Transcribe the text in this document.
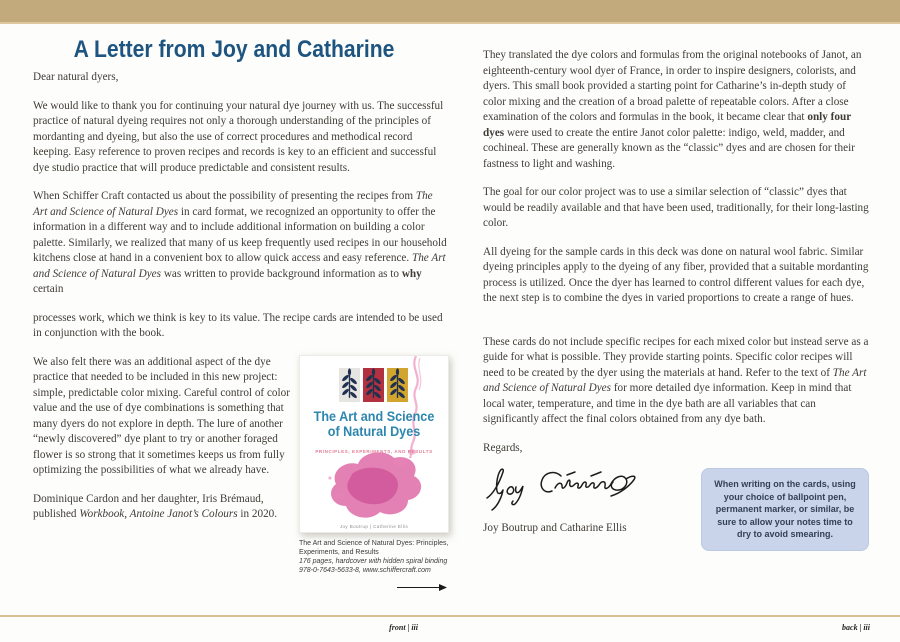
A Letter from Joy and Catharine

Dear natural dyers,

We would like to thank you for continuing your natural dye journey with us. The successful practice of natural dyeing requires not only a thorough understanding of the principles of mordanting and dyeing, but also the use of correct procedures and methodical record keeping. Easy reference to proven recipes and records is key to an efficient and successful dye studio practice that will produce predictable and consistent results.

When Schiffer Craft contacted us about the possibility of presenting the recipes from The Art and Science of Natural Dyes in card format, we recognized an opportunity to offer the information in a different way and to include additional information on building a color palette. Similarly, we realized that many of us keep frequently used recipes in our household kitchens close at hand in a convenient box to allow quick access and easy reference. The Art and Science of Natural Dyes was written to provide background information as to why certain

processes work, which we think is key to its value. The recipe cards are intended to be used in conjunction with the book.

The Art and Science
of Natural Dyes
PRINCIPLES, EXPERIMENTS, AND RESULTS
Joy Boutrup | Catherine Ellis
The Art and Science of Natural Dyes: Principles, Experiments, and Results
176 pages, hardcover with hidden spiral binding
978-0-7643-5633-8, www.schiffercraft.com

We also felt there was an additional aspect of the dye practice that needed to be included in this new project: simple, predictable color mixing. Careful control of color value and the use of dye combinations is something that many dyers do not explore in depth. The lure of another “newly discovered” dye plant to try or another foraged flower is so strong that it sometimes keeps us from fully optimizing the possibilities of what we already have.

Dominique Cardon and her daughter, Iris Brémaud, published Workbook, Antoine Janot’s Colours in 2020.

They translated the dye colors and formulas from the original notebooks of Janot, an eighteenth-century wool dyer of France, in order to inspire designers, colorists, and dyers. This small book provided a starting point for Catharine’s in-depth study of color mixing and the creation of a broad palette of repeatable colors. After a close examination of the colors and formulas in the book, it became clear that only four dyes were used to create the entire Janot color palette: indigo, weld, madder, and cochineal. These are generally known as the “classic” dyes and are chosen for their fastness to light and washing.

The goal for our color project was to use a similar selection of “classic” dyes that would be readily available and that have been used, traditionally, for their long-lasting color.

All dyeing for the sample cards in this deck was done on natural wool fabric. Similar dyeing principles apply to the dyeing of any fiber, provided that a suitable mordanting process is utilized. Once the dyer has learned to control different values for each dye, the next step is to combine the dyes in varied proportions to create a range of hues.

These cards do not include specific recipes for each mixed color but instead serve as a guide for what is possible. They provide starting points. Specific color recipes will need to be created by the dyer using the materials at hand. Refer to the text of The Art and Science of Natural Dyes for more detailed dye information. Keep in mind that local water, temperature, and time in the dye bath are all variables that can significantly affect the final colors obtained from any dye bath.

Regards,

Joy Boutrup and Catharine Ellis
When writing on the cards, using your choice of ballpoint pen, permanent marker, or similar, be sure to allow your notes time to dry to avoid smearing.
front | iii	back | iii
